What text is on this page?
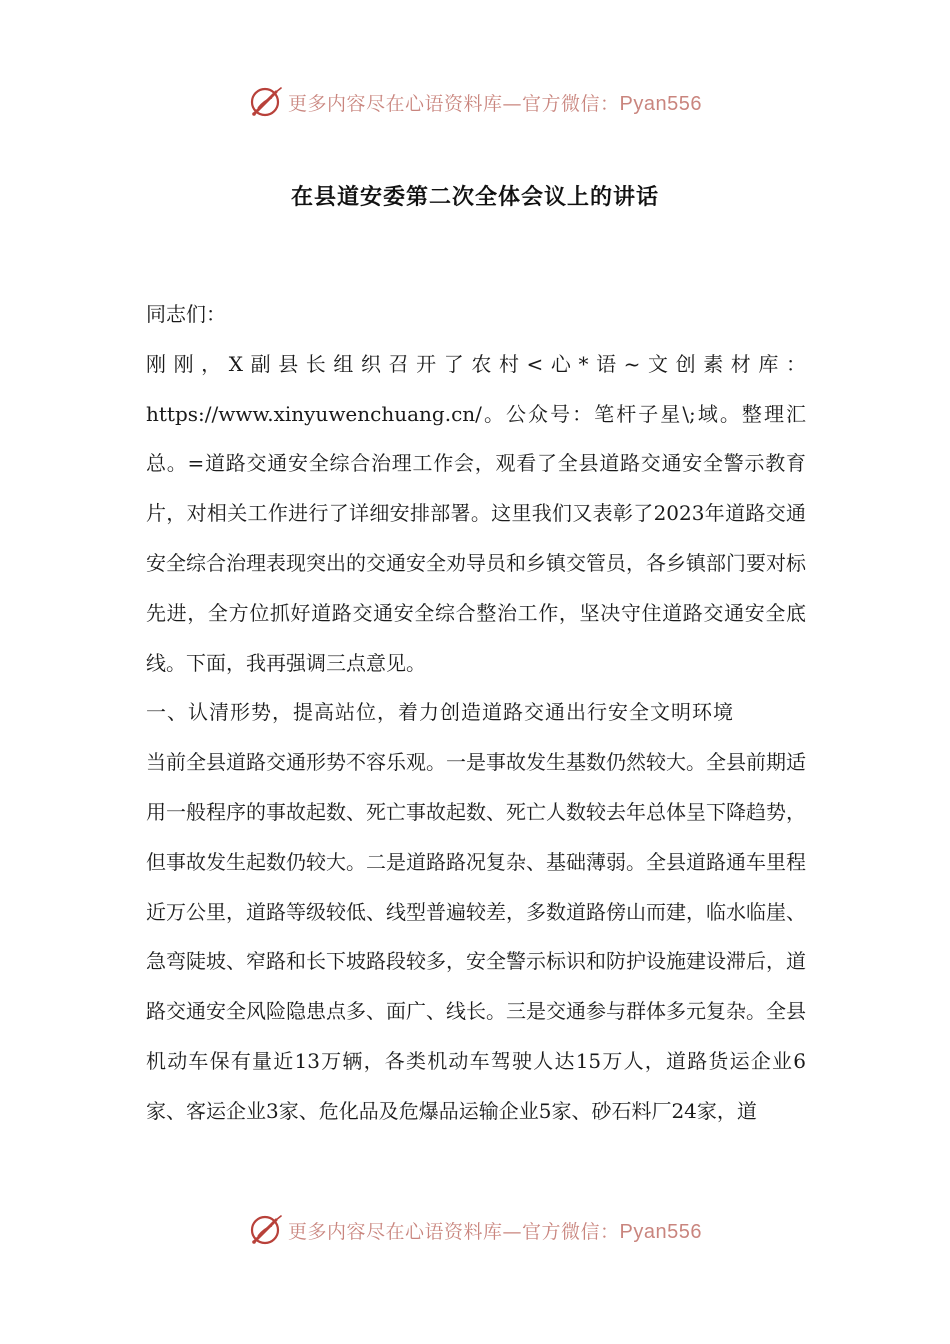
更多内容尽在心语资料库—官方微信：Pyan556
在县道安委第二次全体会议上的讲话

同志们：

刚刚，X副县长组织召开了农村<心*语~文创素材库：https://www.xinyuwenchuang.cn/。公众号：笔杆子星\;域。整理汇总。=道路交通安全综合治理工作会，观看了全县道路交通安全警示教育片，对相关工作进行了详细安排部署。这里我们又表彰了2023年道路交通安全综合治理表现突出的交通安全劝导员和乡镇交管员，各乡镇部门要对标先进，全方位抓好道路交通安全综合整治工作，坚决守住道路交通安全底线。下面，我再强调三点意见。

一、认清形势，提高站位，着力创造道路交通出行安全文明环境

当前全县道路交通形势不容乐观。一是事故发生基数仍然较大。全县前期适用一般程序的事故起数、死亡事故起数、死亡人数较去年总体呈下降趋势，但事故发生起数仍较大。二是道路路况复杂、基础薄弱。全县道路通车里程近万公里，道路等级较低、线型普遍较差，多数道路傍山而建，临水临崖、急弯陡坡、窄路和长下坡路段较多，安全警示标识和防护设施建设滞后，道路交通安全风险隐患点多、面广、线长。三是交通参与群体多元复杂。全县机动车保有量近13万辆，各类机动车驾驶人达15万人，道路货运企业6家、客运企业3家、危化品及危爆品运输企业5家、砂石料厂24家，道

更多内容尽在心语资料库—官方微信：Pyan556
